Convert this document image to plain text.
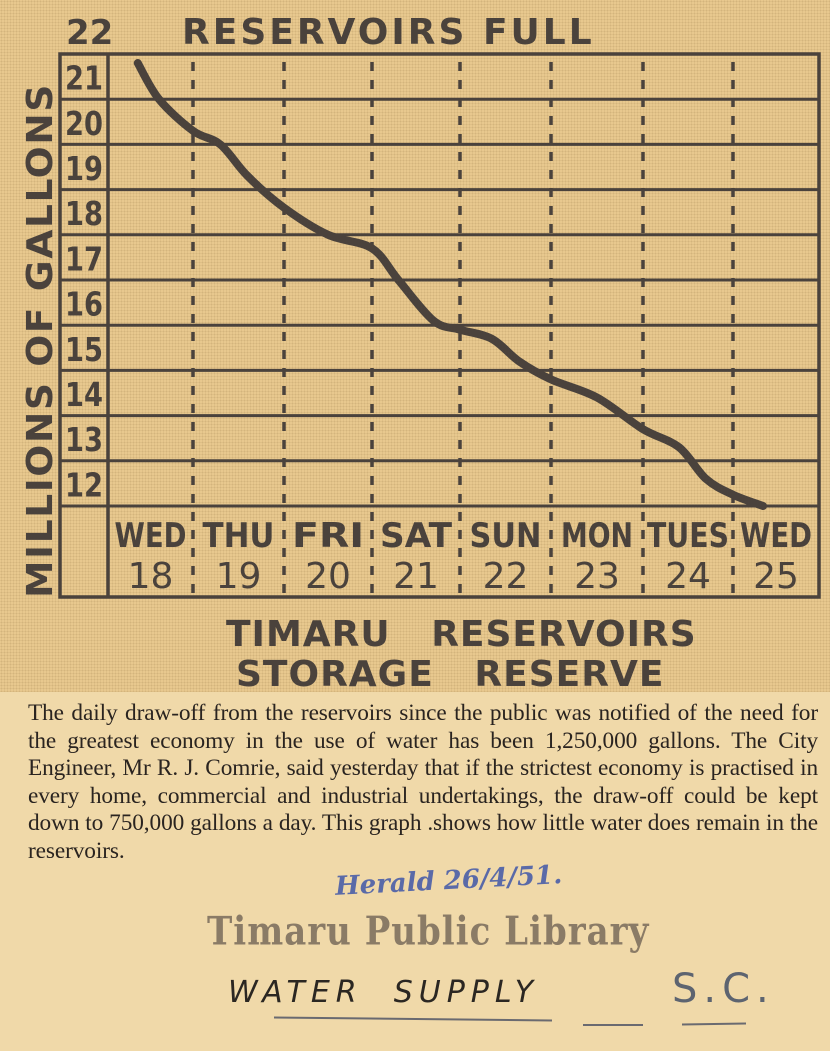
22 RESERVOIRS FULL
MILLIONS OF GALLONS
21
20
19
18
17
16
15
14
13
12
WED
18
THU
19
FRI
20
SAT
21
SUN
22
MON
23
TUES
24
WED
25
TIMARU   RESERVOIRS
STORAGE   RESERVE
The daily draw-off from the reservoirs since the public was notified of the need for the greatest economy in the use of water has been 1,250,000 gallons. The City Engineer, Mr R. J. Comrie, said yesterday that if the strictest economy is practised in every home, commercial and industrial undertakings, the draw-off could be kept down to 750,000 gallons a day. This graph .shows how little water does remain in the reservoirs.
Herald 26/4/51.
Timaru Public Library
WATER  SUPPLY	S.C.
